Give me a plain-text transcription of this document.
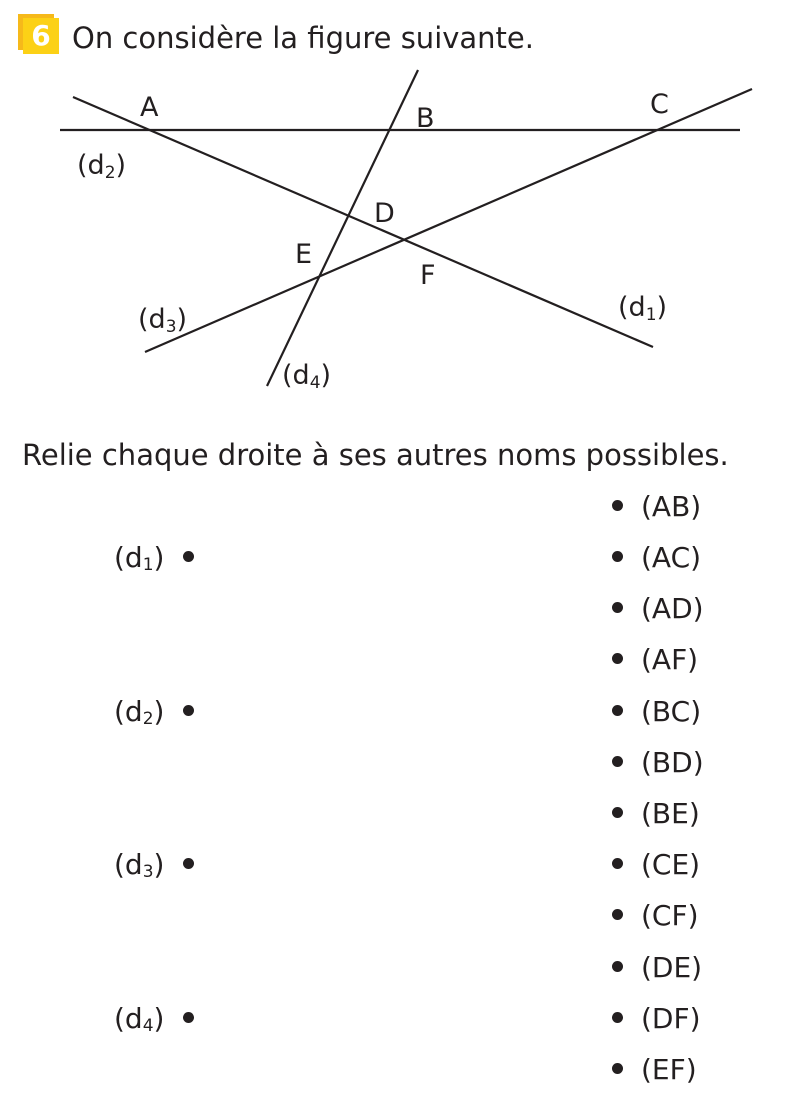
6 On considère la figure suivante.
A	B	C
D
E
F
(d2)
(d1)
(d3)
(d4)
Relie chaque droite à ses autres noms possibles.
$(d_1)$
$(d_2)$
$(d_3)$
$(d_4)$
(AB)
(AC)
(AD)
(AF)
(BC)
(BD)
(BE)
(CE)
(CF)
(DE)
(DF)
(EF)
